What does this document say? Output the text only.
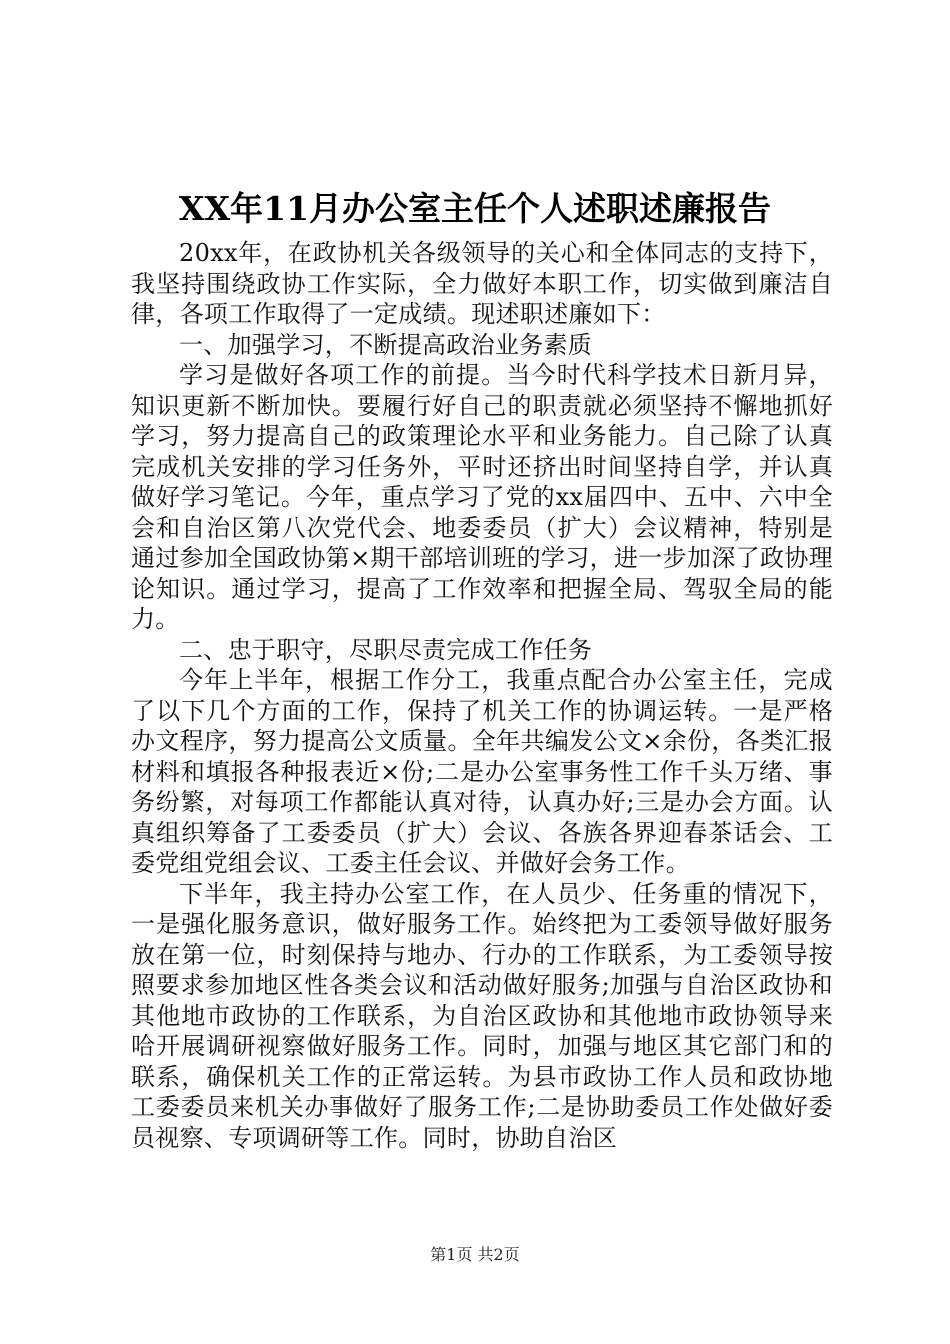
XX年11月办公室主任个人述职述廉报告

20xx年，在政协机关各级领导的关心和全体同志的支持下，我坚持围绕政协工作实际，全力做好本职工作，切实做到廉洁自律，各项工作取得了一定成绩。现述职述廉如下：

一、加强学习，不断提高政治业务素质

学习是做好各项工作的前提。当今时代科学技术日新月异，知识更新不断加快。要履行好自己的职责就必须坚持不懈地抓好学习，努力提高自己的政策理论水平和业务能力。自己除了认真完成机关安排的学习任务外，平时还挤出时间坚持自学，并认真做好学习笔记。今年，重点学习了党的xx届四中、五中、六中全会和自治区第八次党代会、地委委员（扩大）会议精神，特别是通过参加全国政协第×期干部培训班的学习，进一步加深了政协理论知识。通过学习，提高了工作效率和把握全局、驾驭全局的能力。

二、忠于职守，尽职尽责完成工作任务

今年上半年，根据工作分工，我重点配合办公室主任，完成了以下几个方面的工作，保持了机关工作的协调运转。一是严格办文程序，努力提高公文质量。全年共编发公文×余份，各类汇报材料和填报各种报表近×份;二是办公室事务性工作千头万绪、事务纷繁，对每项工作都能认真对待，认真办好;三是办会方面。认真组织筹备了工委委员（扩大）会议、各族各界迎春茶话会、工委党组党组会议、工委主任会议、并做好会务工作。

下半年，我主持办公室工作，在人员少、任务重的情况下，一是强化服务意识，做好服务工作。始终把为工委领导做好服务放在第一位，时刻保持与地办、行办的工作联系，为工委领导按照要求参加地区性各类会议和活动做好服务;加强与自治区政协和其他地市政协的工作联系，为自治区政协和其他地市政协领导来哈开展调研视察做好服务工作。同时，加强与地区其它部门和的联系，确保机关工作的正常运转。为县市政协工作人员和政协地工委委员来机关办事做好了服务工作;二是协助委员工作处做好委员视察、专项调研等工作。同时，协助自治区

第1页 共2页
